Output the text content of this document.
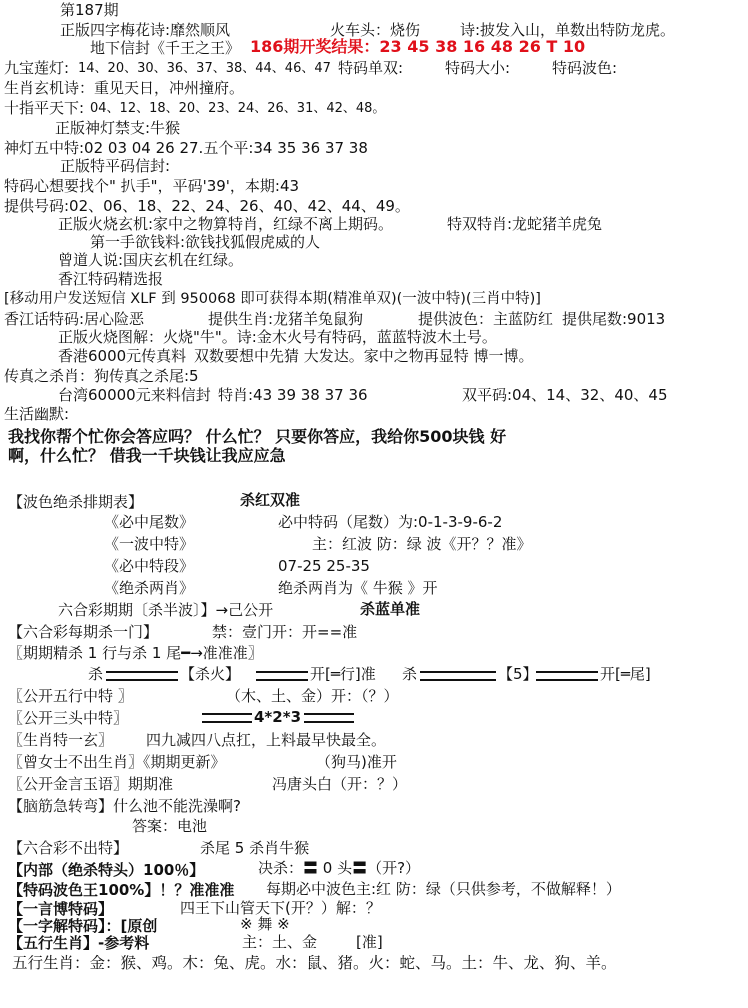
第187期
正版四字梅花诗:靡然顺风	火车头：烧伤	诗:披发入山，单数出特防龙虎。
地下信封《千王之王》 186期开奖结果：23 45 38 16 48 26 T 10
九宝莲灯: 14、20、30、36、37、38、44、46、47 特码单双:	特码大小:	特码波色:
生肖玄机诗：重见天日，冲州撞府。
十指平天下: 04、12、18、20、23、24、26、31、42、48。
正版神灯禁支:牛猴
神灯五中特:02 03 04 26 27.五个平:34 35 36 37 38
正版特平码信封:
特码心想要找个" 扒手"，平码'39'，本期:43
提供号码:02、06、18、22、24、26、40、42、44、49。
正版火烧玄机:家中之物算特肖，红绿不离上期码。	特双特肖:龙蛇猪羊虎兔
第一手欲钱料:欲钱找狐假虎威的人
曾道人说:国庆玄机在红绿。
香江特码精选报
[移动用户发送短信 XLF 到 950068 即可获得本期(精准单双)(一波中特)(三肖中特)]
香江话特码:居心险恶	提供生肖:龙猪羊兔鼠狗	提供波色：主蓝防红 提供尾数:9013
正版火烧图解：火烧"牛"。诗:金木火号有特码，蓝蓝特波木土号。
香港6000元传真料 双数要想中先猜 大发达。家中之物再显特 博一博。
传真之杀肖：狗传真之杀尾:5
台湾60000元来料信封 特肖:43 39 38 37 36	双平码:04、14、32、40、45
生活幽默:
我找你帮个忙你会答应吗？ 什么忙？ 只要你答应，我给你500块钱 好
啊，什么忙？ 借我一千块钱让我应应急
【波色绝杀排期表】	杀红双准
《必中尾数》	必中特码（尾数）为:0-1-3-9-6-2
《一波中特》	主：红波 防：绿 波《开？？准》
《必中特段》	07-25 25-35
《绝杀两肖》	绝杀两肖为《 牛猴 》开
六合彩期期〔杀半波〕】→己公开	杀蓝单准
【六合彩每期杀一门】	禁：壹门开：开==准
〖期期精杀 1 行与杀 1 尾━→准准准〗
杀	【杀火】	开[═行]准 杀	【5】	开[═尾]
〖公开五行中特 〗	（木、土、金）开：（？）
〖公开三头中特〗	4*2*3
〖生肖特一玄〗 四九减四八点扛，上料最早快最全。
〖曾女士不出生肖〗《期期更新》	（狗马)准开
〖公开金言玉语〗期期准	冯唐头白（开：？）
【脑筋急转弯】什么池不能洗澡啊?
答案：电池
【六合彩不出特】	杀尾 5 杀肖牛猴
【内部（绝杀特头）100％】	决杀：〓 0 头〓（开?）
【特码波色王100%】！？准准准 每期必中波色主:红 防：绿（只供参考，不做解释！）
【一言博特码】	四王下山管天下(开？）解：？
【一字解特码】：[原创	※ 舞 ※
【五行生肖】-参考料	主：土、金	[准]
五行生肖：金：猴、鸡。木：兔、虎。水：鼠、猪。火：蛇、马。土：牛、龙、狗、羊。
